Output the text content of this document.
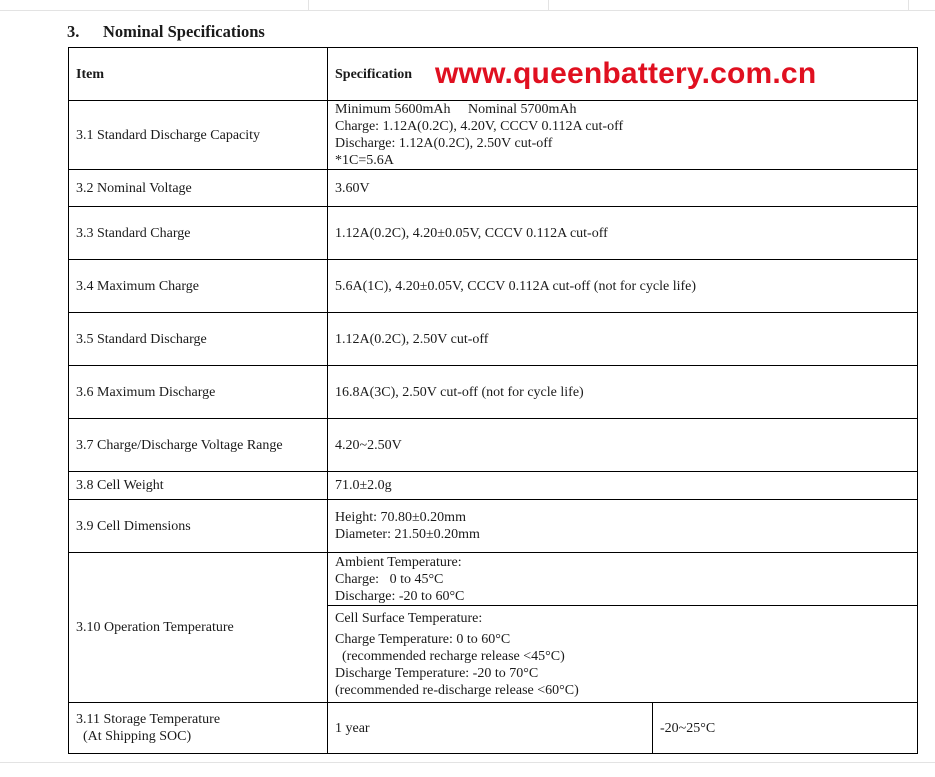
3. Nominal Specifications
Item	Specification	
3.1 Standard Discharge Capacity	Minimum 5600mAh     Nominal 5700mAh
Charge: 1.12A(0.2C), 4.20V, CCCV 0.112A cut-off
Discharge: 1.12A(0.2C), 2.50V cut-off
*1C=5.6A	

3.2 Nominal Voltage	3.60V	
3.3 Standard Charge	1.12A(0.2C), 4.20±0.05V, CCCV 0.112A cut-off	
3.4 Maximum Charge	5.6A(1C), 4.20±0.05V, CCCV 0.112A cut-off (not for cycle life)	
3.5 Standard Discharge	1.12A(0.2C), 2.50V cut-off	
3.6 Maximum Discharge	16.8A(3C), 2.50V cut-off (not for cycle life)	
3.7 Charge/Discharge Voltage Range	4.20~2.50V	
3.8 Cell Weight	71.0±2.0g	
3.9 Cell Dimensions	Height: 70.80±0.20mm
Diameter: 21.50±0.20mm	

3.10 Operation Temperature	Ambient Temperature:
Charge:   0 to 45°C
Discharge: -20 to 60°C	

	Cell Surface Temperature:
Charge Temperature: 0 to 60°C
(recommended recharge release <45°C)
Discharge Temperature: -20 to 70°C
(recommended re-discharge release <60°C)	

3.11 Storage Temperature
(At Shipping SOC)	1 year	-20~25°C
www.queenbattery.com.cn
